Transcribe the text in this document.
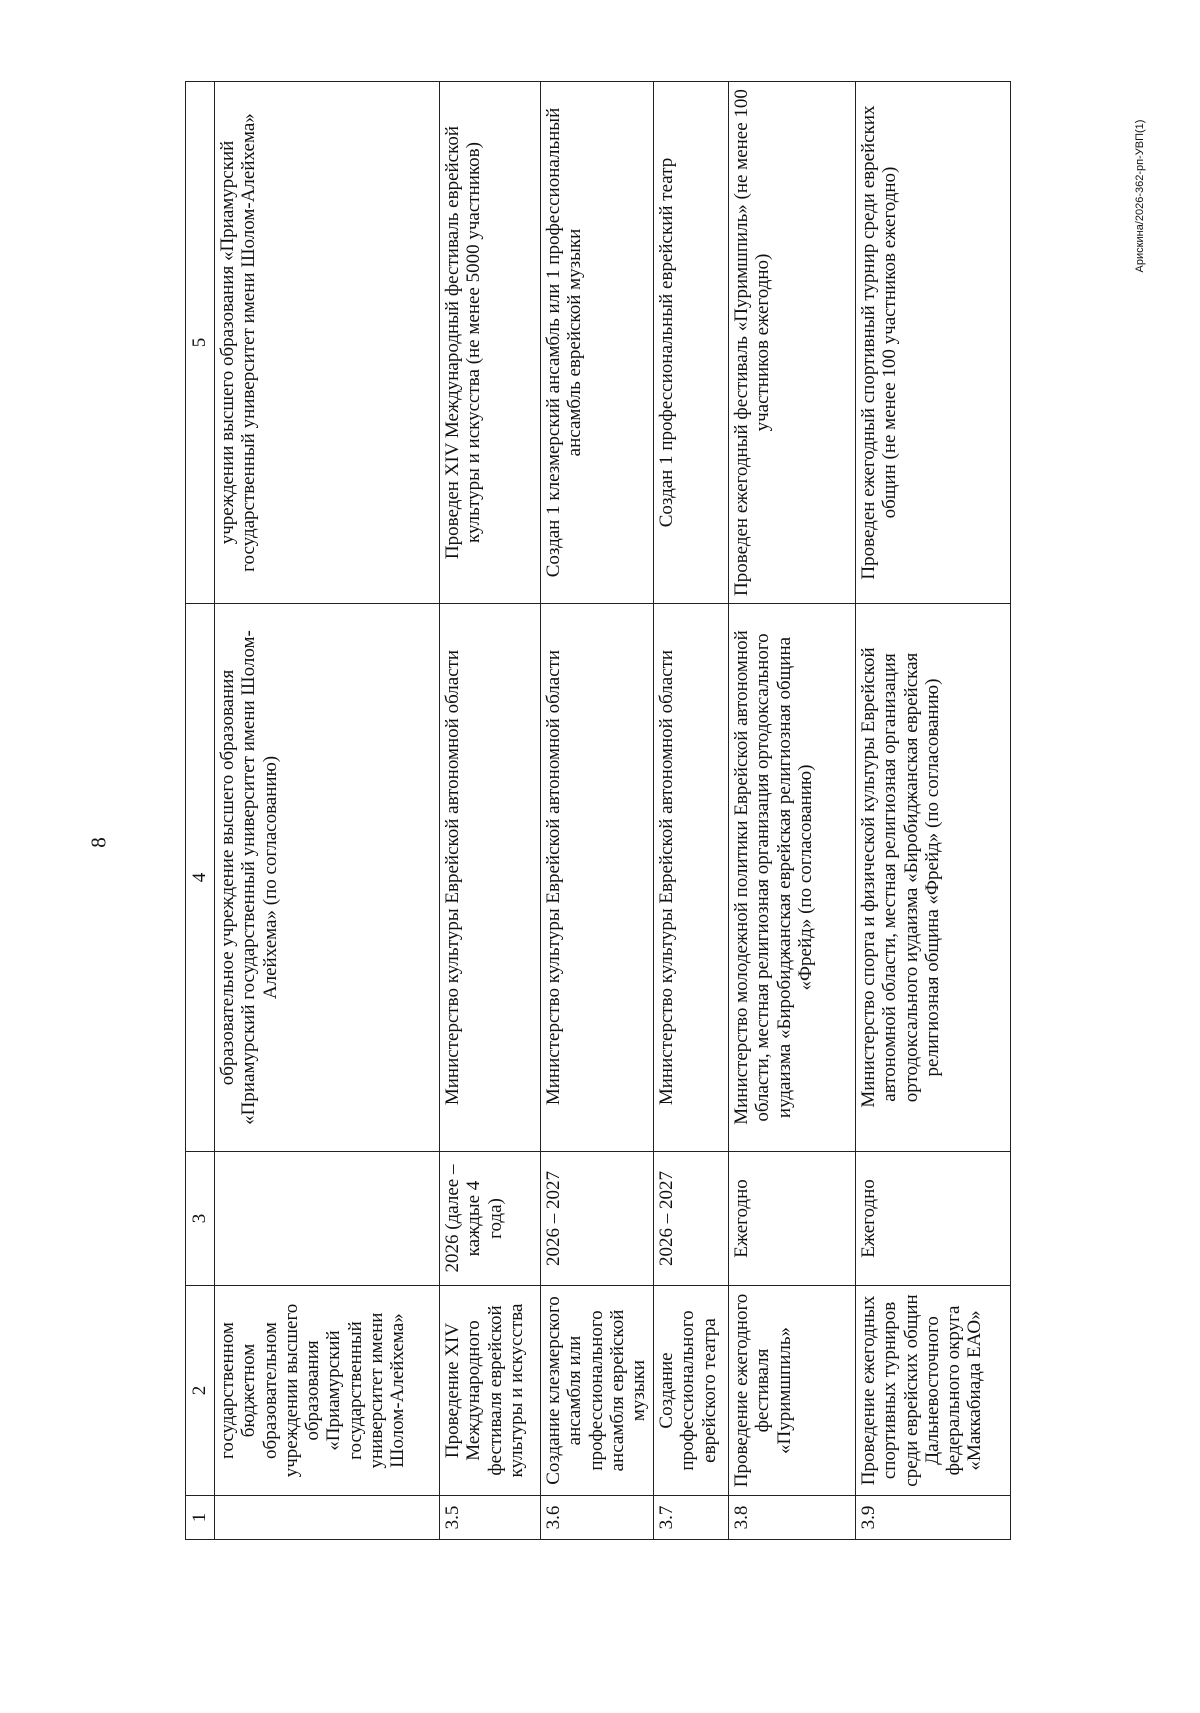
8
Арискина/2026-362-рп-УВП(1)
1	2	3	4	5
	государственном бюджетном образовательном учреждении высшего образования «Приамурский государственный университет имени Шолом-Алейхема»		образовательное учреждение высшего образования «Приамурский государственный университет имени Шолом-Алейхема» (по согласованию)	учреждении высшего образования «Приамурский государственный университет имени Шолом-Алейхема»
3.5	Проведение XIV Международного фестиваля еврейской культуры и искусства	2026 (далее – каждые 4 года)	Министерство культуры Еврейской автономной области	Проведен XIV Международный фестиваль еврейской культуры и искусства (не менее 5000 участников)
3.6	Создание клезмерского ансамбля или профессионального ансамбля еврейской музыки	2026 – 2027	Министерство культуры Еврейской автономной области	Создан 1 клезмерский ансамбль или 1 профессиональный ансамбль еврейской музыки
3.7	Создание профессионального еврейского театра	2026 – 2027	Министерство культуры Еврейской автономной области	Создан 1 профессиональный еврейский театр
3.8	Проведение ежегодного фестиваля «Пуримшпиль»	Ежегодно	Министерство молодежной политики Еврейской автономной области, местная религиозная организация ортодоксального иудаизма «Биробиджанская еврейская религиозная община «Фрейд» (по согласованию)	Проведен ежегодный фестиваль «Пуримшпиль» (не менее 100 участников ежегодно)
3.9	Проведение ежегодных спортивных турниров среди еврейских общин Дальневосточного федерального округа «Маккабиада ЕАО»	Ежегодно	Министерство спорта и физической культуры Еврейской автономной области, местная религиозная организация ортодоксального иудаизма «Биробиджанская еврейская религиозная община «Фрейд» (по согласованию)	Проведен ежегодный спортивный турнир среди еврейских общин (не менее 100 участников ежегодно)
